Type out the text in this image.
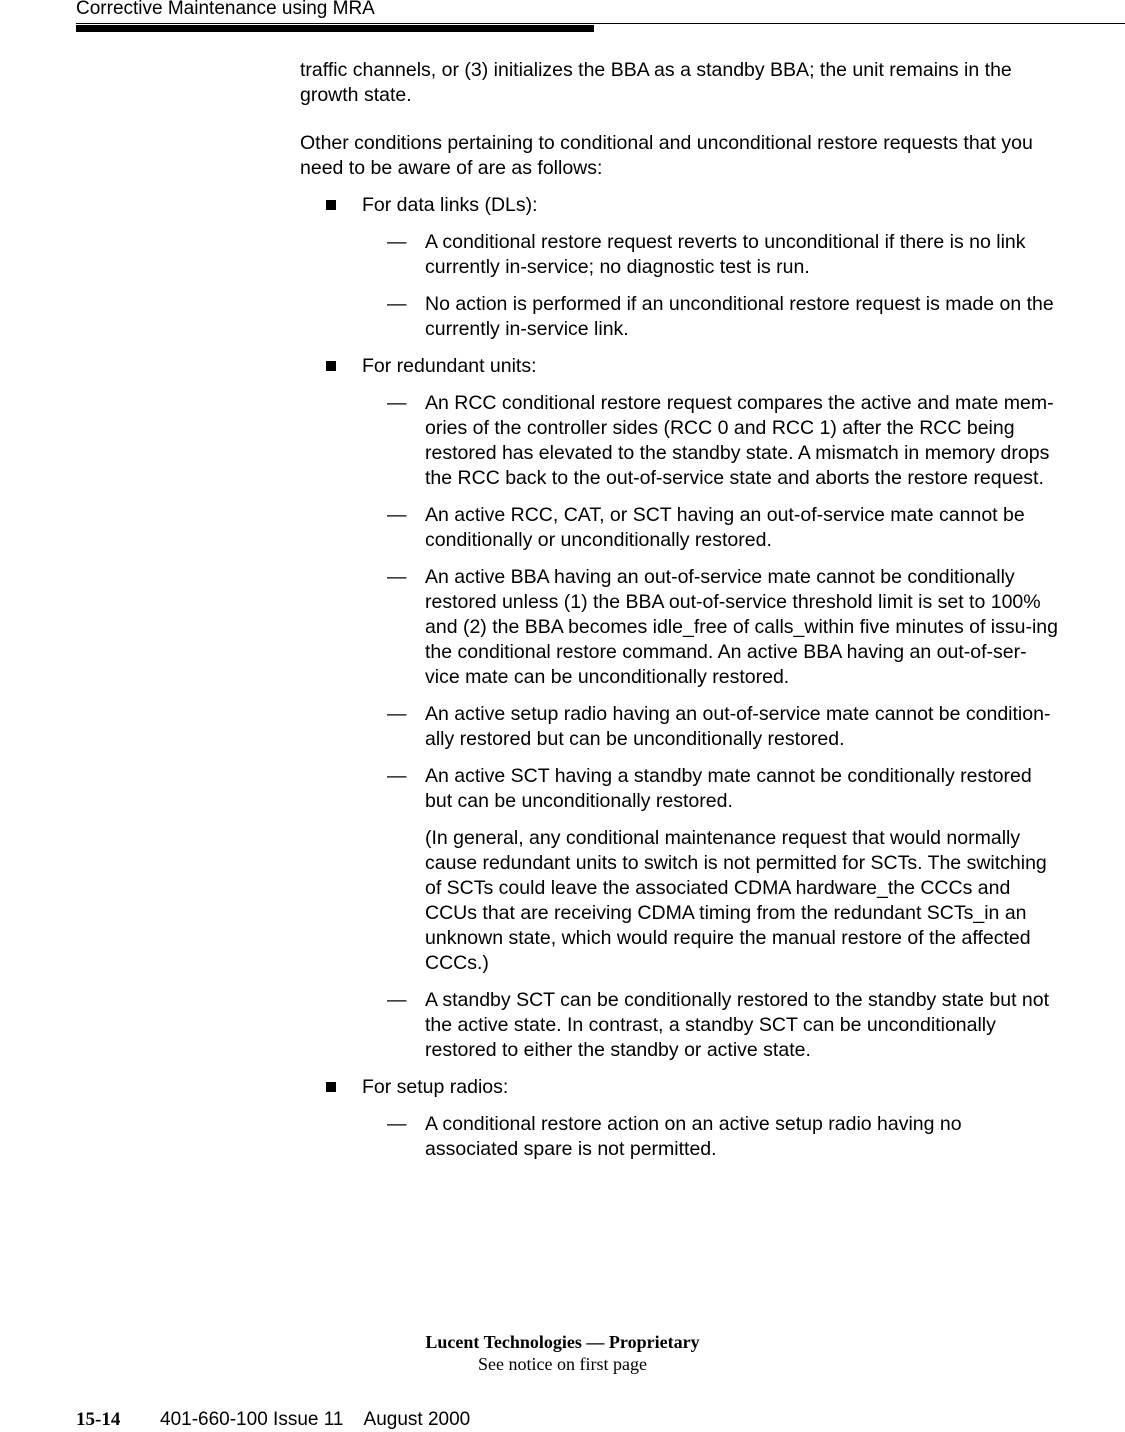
Corrective Maintenance using MRA

traffic channels, or (3) initializes the BBA as a standby BBA; the unit remains in the growth state.

Other conditions pertaining to conditional and unconditional restore requests that you need to be aware of are as follows:

For data links (DLs):
— A conditional restore request reverts to unconditional if there is no link currently in-service; no diagnostic test is run.
— No action is performed if an unconditional restore request is made on the currently in-service link.
For redundant units:
— An RCC conditional restore request compares the active and mate mem-ories of the controller sides (RCC 0 and RCC 1) after the RCC being restored has elevated to the standby state. A mismatch in memory drops the RCC back to the out-of-service state and aborts the restore request.
— An active RCC, CAT, or SCT having an out-of-service mate cannot be conditionally or unconditionally restored.
— An active BBA having an out-of-service mate cannot be conditionally restored unless (1) the BBA out-of-service threshold limit is set to 100% and (2) the BBA becomes idle_free of calls_within five minutes of issu-ing the conditional restore command. An active BBA having an out-of-ser-vice mate can be unconditionally restored.
— An active setup radio having an out-of-service mate cannot be condition-ally restored but can be unconditionally restored.
— An active SCT having a standby mate cannot be conditionally restored but can be unconditionally restored.
(In general, any conditional maintenance request that would normally cause redundant units to switch is not permitted for SCTs. The switching of SCTs could leave the associated CDMA hardware_the CCCs and CCUs that are receiving CDMA timing from the redundant SCTs_in an unknown state, which would require the manual restore of the affected CCCs.)
— A standby SCT can be conditionally restored to the standby state but not the active state. In contrast, a standby SCT can be unconditionally restored to either the standby or active state.
For setup radios:
— A conditional restore action on an active setup radio having no associated spare is not permitted.
Lucent Technologies — Proprietary
See notice on first page
15-14 401-660-100 Issue 11    August 2000
